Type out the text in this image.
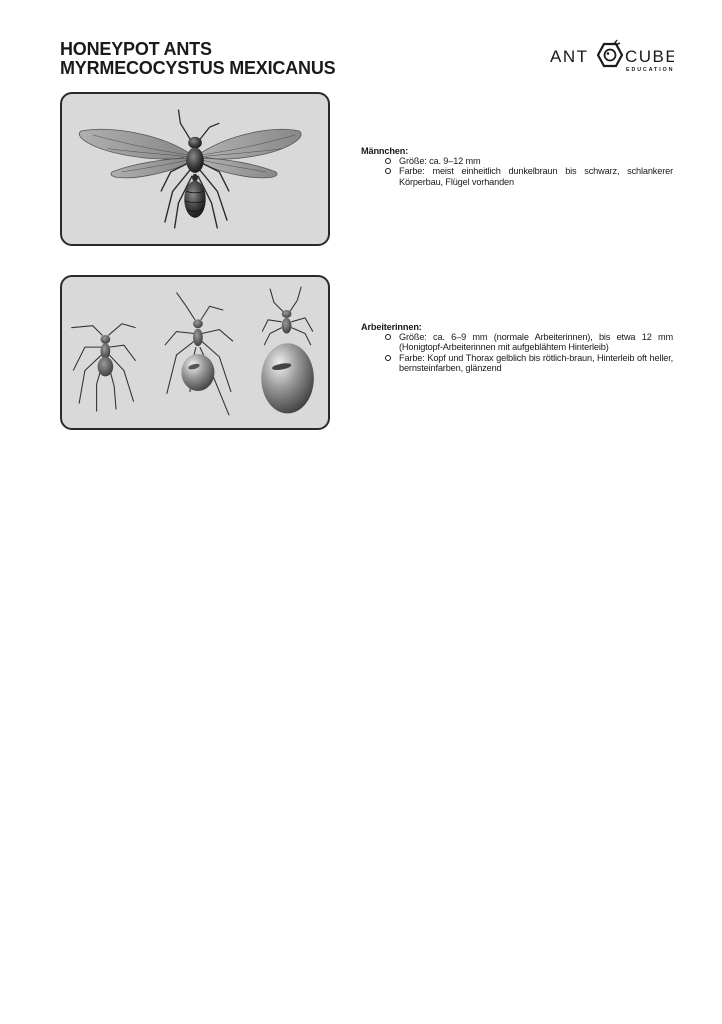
HONEYPOT ANTS
MYRMECOCYSTUS MEXICANUS
ANT CUBE
EDUCATION
Männchen:
Größe: ca. 9–12 mm
Farbe: meist einheitlich dunkelbraun bis schwarz, schlankerer Körperbau, Flügel vorhanden
Arbeiterinnen:
Größe: ca. 6–9 mm (normale Arbeiterinnen), bis etwa 12 mm (Honigtopf-Arbeiterinnen mit aufgeblähtem Hinterleib)
Farbe: Kopf und Thorax gelblich bis rötlich-braun, Hinterleib oft heller, bernsteinfarben, glänzend
